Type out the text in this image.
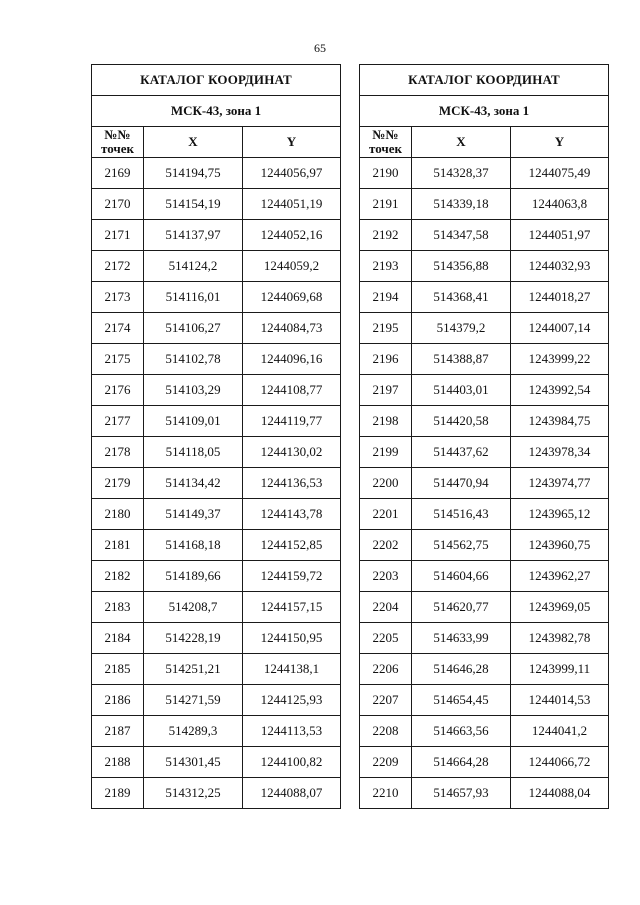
65
КАТАЛОГ КООРДИНАТ		
МСК-43, зона 1		
№№ точек	X	Y
2169	514194,75	1244056,97
2170	514154,19	1244051,19
2171	514137,97	1244052,16
2172	514124,2	1244059,2
2173	514116,01	1244069,68
2174	514106,27	1244084,73
2175	514102,78	1244096,16
2176	514103,29	1244108,77
2177	514109,01	1244119,77
2178	514118,05	1244130,02
2179	514134,42	1244136,53
2180	514149,37	1244143,78
2181	514168,18	1244152,85
2182	514189,66	1244159,72
2183	514208,7	1244157,15
2184	514228,19	1244150,95
2185	514251,21	1244138,1
2186	514271,59	1244125,93
2187	514289,3	1244113,53
2188	514301,45	1244100,82
2189	514312,25	1244088,07
КАТАЛОГ КООРДИНАТ		
МСК-43, зона 1		
№№ точек	X	Y
2190	514328,37	1244075,49
2191	514339,18	1244063,8
2192	514347,58	1244051,97
2193	514356,88	1244032,93
2194	514368,41	1244018,27
2195	514379,2	1244007,14
2196	514388,87	1243999,22
2197	514403,01	1243992,54
2198	514420,58	1243984,75
2199	514437,62	1243978,34
2200	514470,94	1243974,77
2201	514516,43	1243965,12
2202	514562,75	1243960,75
2203	514604,66	1243962,27
2204	514620,77	1243969,05
2205	514633,99	1243982,78
2206	514646,28	1243999,11
2207	514654,45	1244014,53
2208	514663,56	1244041,2
2209	514664,28	1244066,72
2210	514657,93	1244088,04
